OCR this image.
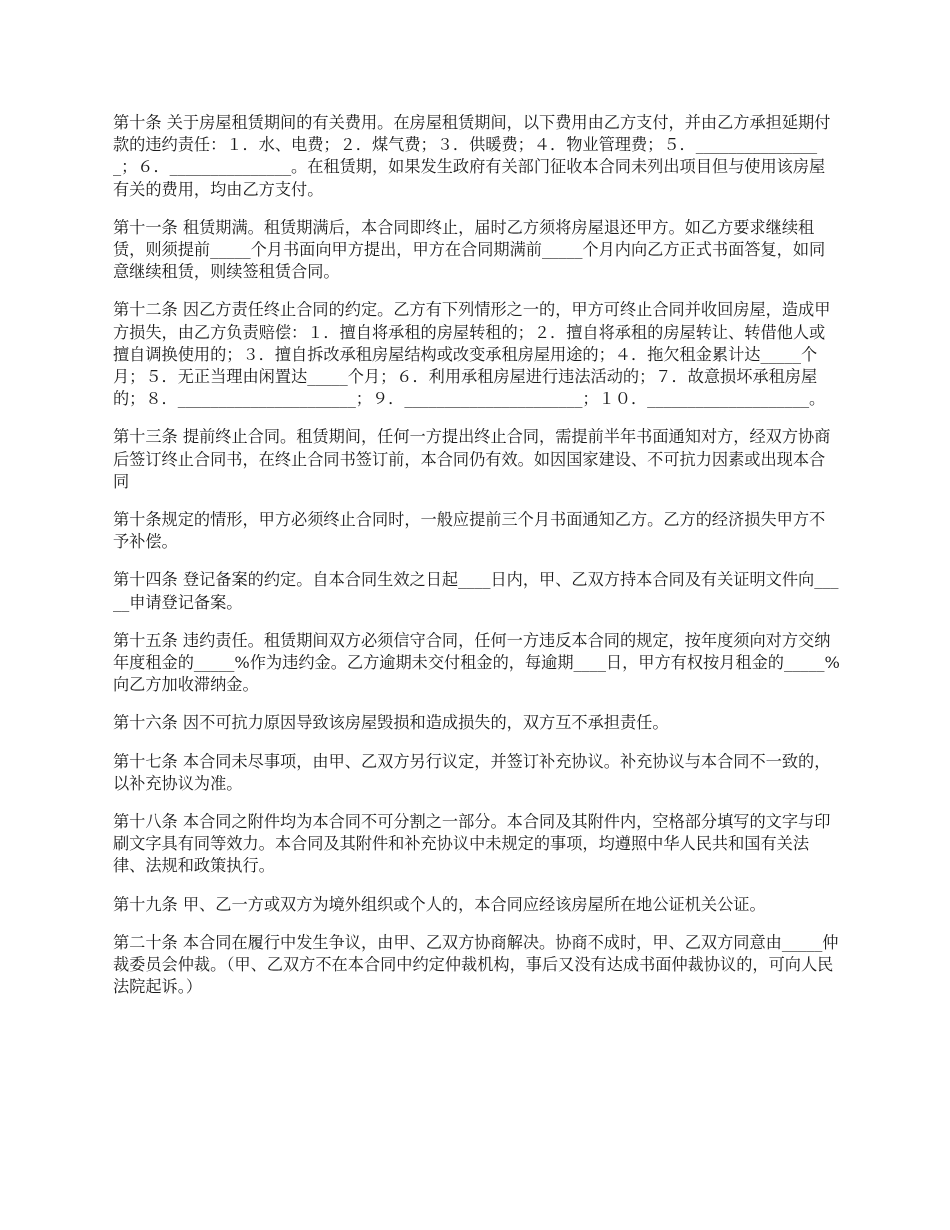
第十条 关于房屋租赁期间的有关费用。在房屋租赁期间，以下费用由乙方支付，并由乙方承担延期付款的违约责任：１．水、电费；２．煤气费；３．供暖费；４．物业管理费；５．________________；６．_______________。在租赁期，如果发生政府有关部门征收本合同未列出项目但与使用该房屋有关的费用，均由乙方支付。

第十一条 租赁期满。租赁期满后，本合同即终止，届时乙方须将房屋退还甲方。如乙方要求继续租赁，则须提前_____个月书面向甲方提出，甲方在合同期满前_____个月内向乙方正式书面答复，如同意继续租赁，则续签租赁合同。

第十二条 因乙方责任终止合同的约定。乙方有下列情形之一的，甲方可终止合同并收回房屋，造成甲方损失，由乙方负责赔偿：１．擅自将承租的房屋转租的；２．擅自将承租的房屋转让、转借他人或擅自调换使用的；３．擅自拆改承租房屋结构或改变承租房屋用途的；４．拖欠租金累计达_____个月；５．无正当理由闲置达_____个月；６．利用承租房屋进行违法活动的；７．故意损坏承租房屋的；８．______________________；９．______________________；１０．____________________。

第十三条 提前终止合同。租赁期间，任何一方提出终止合同，需提前半年书面通知对方，经双方协商后签订终止合同书，在终止合同书签订前，本合同仍有效。如因国家建设、不可抗力因素或出现本合同

第十条规定的情形，甲方必须终止合同时，一般应提前三个月书面通知乙方。乙方的经济损失甲方不予补偿。

第十四条 登记备案的约定。自本合同生效之日起____日内，甲、乙双方持本合同及有关证明文件向_____申请登记备案。

第十五条 违约责任。租赁期间双方必须信守合同，任何一方违反本合同的规定，按年度须向对方交纳年度租金的_____%作为违约金。乙方逾期未交付租金的，每逾期____日，甲方有权按月租金的_____%向乙方加收滞纳金。

第十六条 因不可抗力原因导致该房屋毁损和造成损失的，双方互不承担责任。

第十七条 本合同未尽事项，由甲、乙双方另行议定，并签订补充协议。补充协议与本合同不一致的，以补充协议为准。

第十八条 本合同之附件均为本合同不可分割之一部分。本合同及其附件内，空格部分填写的文字与印刷文字具有同等效力。本合同及其附件和补充协议中未规定的事项，均遵照中华人民共和国有关法律、法规和政策执行。

第十九条 甲、乙一方或双方为境外组织或个人的，本合同应经该房屋所在地公证机关公证。

第二十条 本合同在履行中发生争议，由甲、乙双方协商解决。协商不成时，甲、乙双方同意由_____仲裁委员会仲裁。（甲、乙双方不在本合同中约定仲裁机构，事后又没有达成书面仲裁协议的，可向人民法院起诉。）
